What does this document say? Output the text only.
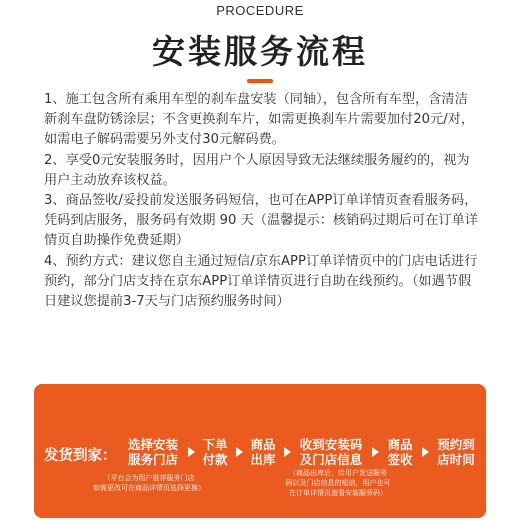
PROCEDURE
安装服务流程

1、施工包含所有乘用车型的刹车盘安装（同轴），包含所有车型，含清洁新刹车盘防锈涂层；不含更换刹车片，如需更换刹车片需要加付20元/对，如需电子解码需要另外支付30元解码费。

2、享受0元安装服务时，因用户个人原因导致无法继续服务履约的，视为用户主动放弃该权益。

3、商品签收/妥投前发送服务码短信，也可在APP订单详情页查看服务码，凭码到店服务，服务码有效期 90 天（温馨提示：核销码过期后可在订单详情页自助操作免费延期）

4、预约方式：建议您自主通过短信/京东APP订单详情页中的门店电话进行预约，部分门店支持在京东APP订单详情页进行自助在线预约。（如遇节假日建议您提前3-7天与门店预约服务时间）

发货到家：
选择安装
服务门店
下单
付款
商品
出库
收到安装码
及门店信息
商品
签收
预约到
店时间
（平台会为用户推荐服务门店
如需更改可在商品详情页选择更换）
（商品出库后，给用户发送服务
码以及门店信息的短信，用户也可
在订单详情页查看安装服务码）
